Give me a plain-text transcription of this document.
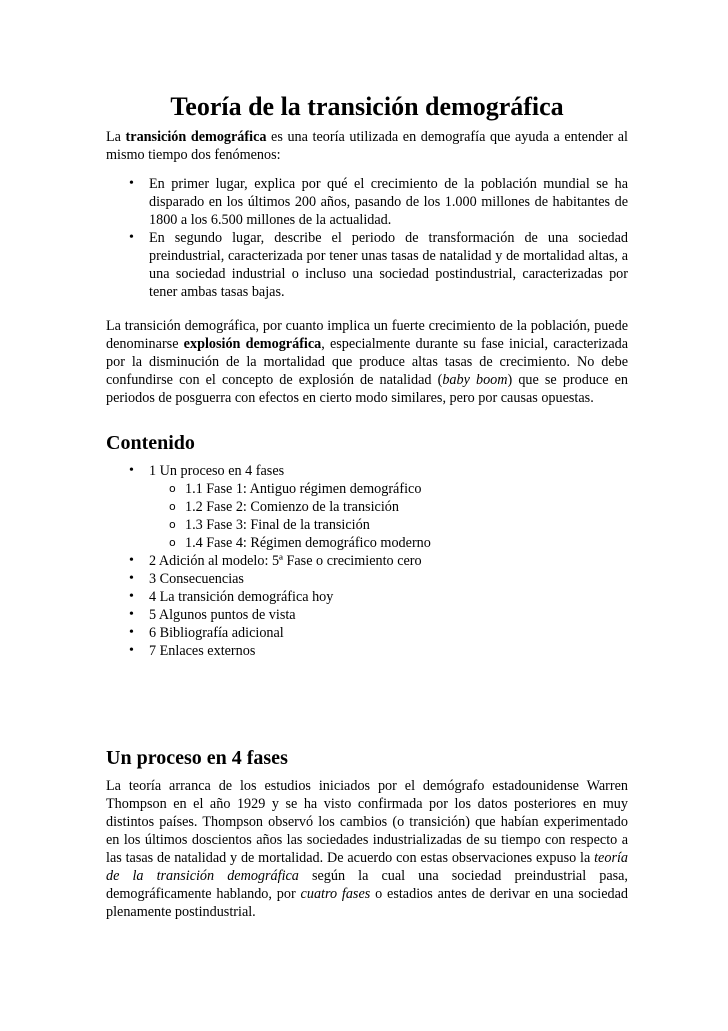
Teoría de la transición demográfica

La transición demográfica es una teoría utilizada en demografía que ayuda a entender al mismo tiempo dos fenómenos:

• En primer lugar, explica por qué el crecimiento de la población mundial se ha disparado en los últimos 200 años, pasando de los 1.000 millones de habitantes de 1800 a los 6.500 millones de la actualidad.
• En segundo lugar, describe el periodo de transformación de una sociedad preindustrial, caracterizada por tener unas tasas de natalidad y de mortalidad altas, a una sociedad industrial o incluso una sociedad postindustrial, caracterizadas por tener ambas tasas bajas.

La transición demográfica, por cuanto implica un fuerte crecimiento de la población, puede denominarse explosión demográfica, especialmente durante su fase inicial, caracterizada por la disminución de la mortalidad que produce altas tasas de crecimiento. No debe confundirse con el concepto de explosión de natalidad (baby boom) que se produce en periodos de posguerra con efectos en cierto modo similares, pero por causas opuestas.

Contenido
• 1 Un proceso en 4 fases
o 1.1 Fase 1: Antiguo régimen demográfico
o 1.2 Fase 2: Comienzo de la transición
o 1.3 Fase 3: Final de la transición
o 1.4 Fase 4: Régimen demográfico moderno
• 2 Adición al modelo: 5ª Fase o crecimiento cero
• 3 Consecuencias
• 4 La transición demográfica hoy
• 5 Algunos puntos de vista
• 6 Bibliografía adicional
• 7 Enlaces externos
Un proceso en 4 fases

La teoría arranca de los estudios iniciados por el demógrafo estadounidense Warren Thompson en el año 1929 y se ha visto confirmada por los datos posteriores en muy distintos países. Thompson observó los cambios (o transición) que habían experimentado en los últimos doscientos años las sociedades industrializadas de su tiempo con respecto a las tasas de natalidad y de mortalidad. De acuerdo con estas observaciones expuso la teoría de la transición demográfica según la cual una sociedad preindustrial pasa, demográficamente hablando, por cuatro fases o estadios antes de derivar en una sociedad plenamente postindustrial.
